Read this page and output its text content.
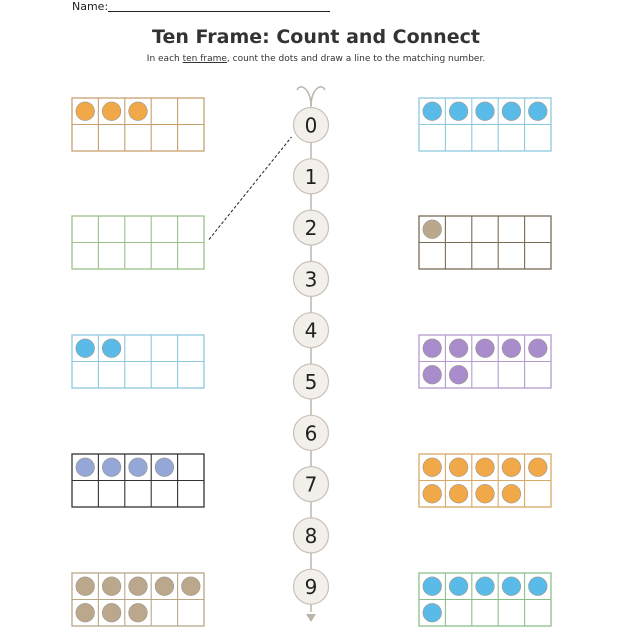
Name:
Ten Frame: Count and Connect
In each ten frame, count the dots and draw a line to the matching number.
0
1
2
3
4
5
6
7
8
9
